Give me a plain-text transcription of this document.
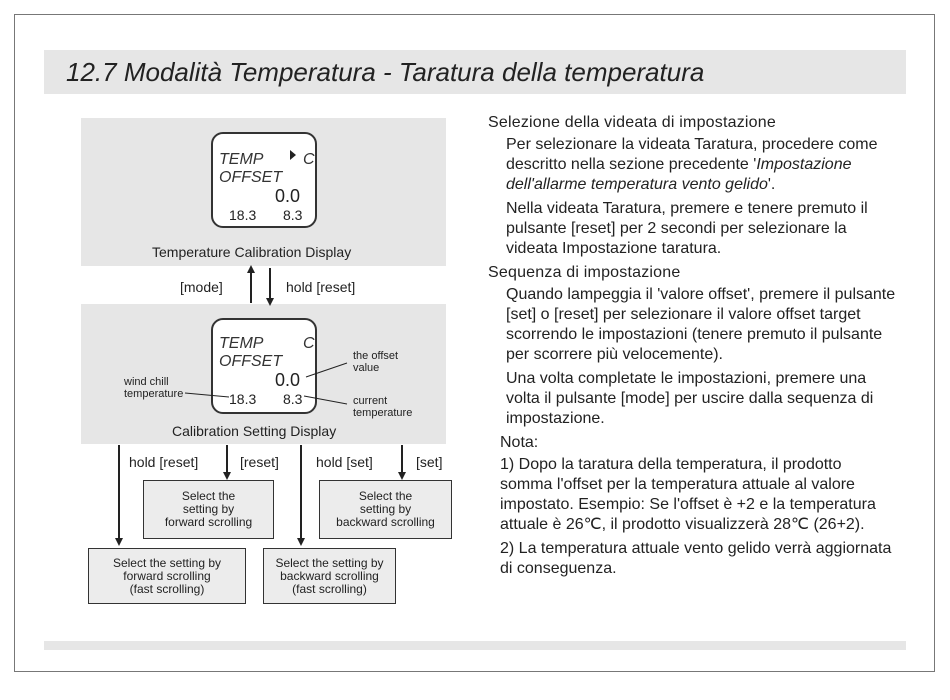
12.7 Modalità Temperatura - Taratura della temperatura
TEMP C
OFFSET
0.0
18.3 8.3
Temperature Calibration Display
[mode]	hold [reset]
TEMP C
OFFSET
0.0
18.3 8.3
wind chill
temperature
the offset
value
current
temperature
Calibration Setting Display
hold [reset]	[reset]	hold [set]	[set]
Select the
setting by
forward scrolling
Select the
setting by
backward scrolling
Select the setting by
forward scrolling
(fast scrolling)
Select the setting by
backward scrolling
(fast scrolling)

Selezione della videata di impostazione

Per selezionare la videata Taratura, procedere come descritto nella sezione precedente 'Impostazione dell'allarme temperatura vento gelido'.

Nella videata Taratura, premere e tenere premuto il pulsante [reset] per 2 secondi per selezionare la videata Impostazione taratura.

Sequenza di impostazione

Quando lampeggia il 'valore offset', premere il pulsante [set] o [reset] per selezionare il valore offset target scorrendo le impostazioni (tenere premuto il pulsante per scorrere più velocemente).

Una volta completate le impostazioni, premere una volta il pulsante [mode] per uscire dalla sequenza di impostazione.

Nota:

1) Dopo la taratura della temperatura, il prodotto somma l'offset per la temperatura attuale al valore impostato. Esempio: Se l'offset è +2 e la temperatura attuale è 26℃, il prodotto visualizzerà 28℃ (26+2).

2) La temperatura attuale vento gelido verrà aggiornata di conseguenza.
